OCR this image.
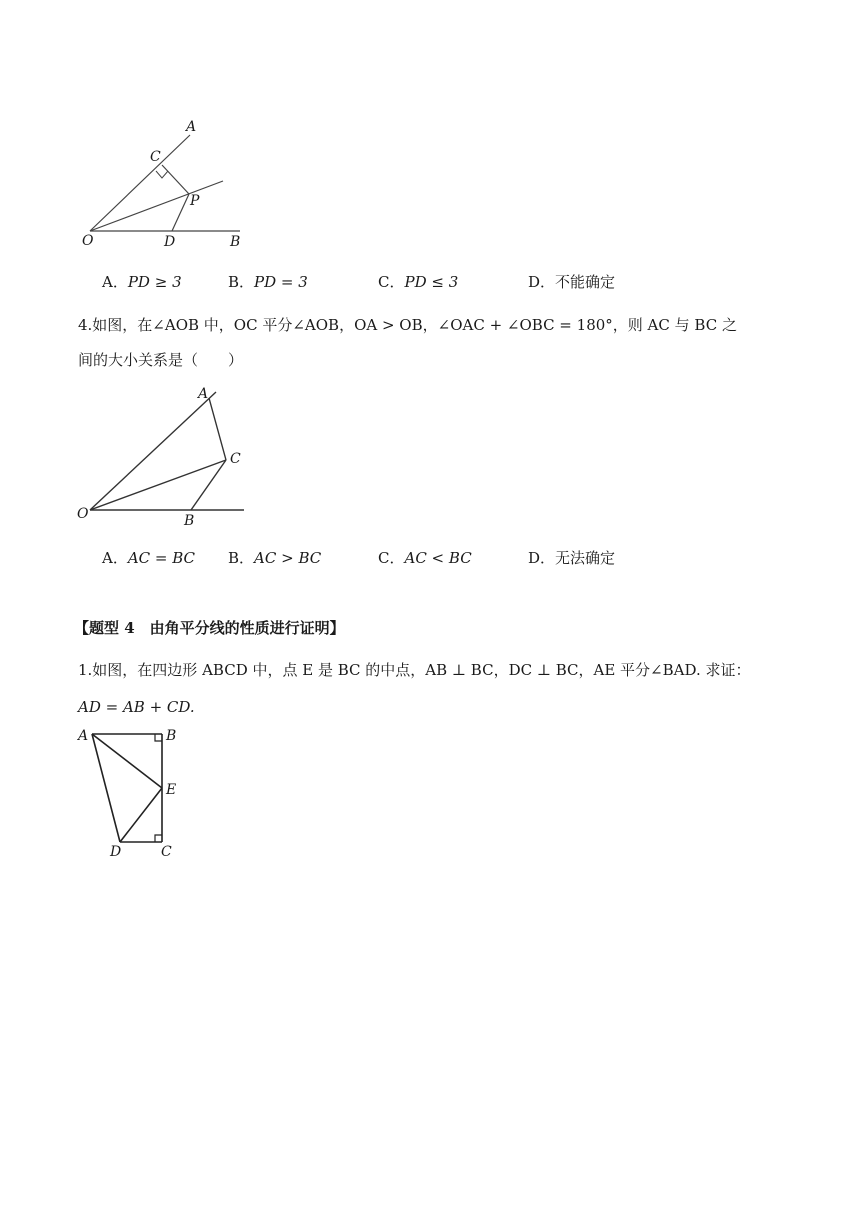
A
C
P
O	D	B
A．PD ≥ 3	B．PD = 3	C．PD ≤ 3	D．不能确定
4.如图，在∠AOB 中，OC 平分∠AOB，OA > OB，∠OAC + ∠OBC = 180°，则 AC 与 BC 之
间的大小关系是（　　）
A
C
O	B
A．AC = BC B．AC > BC	C．AC < BC	D．无法确定
【题型 4　由角平分线的性质进行证明】
1.如图，在四边形 ABCD 中，点 E 是 BC 的中点，AB ⊥ BC，DC ⊥ BC，AE 平分∠BAD. 求证：
AD = AB + CD.
A	B
E
D	C
